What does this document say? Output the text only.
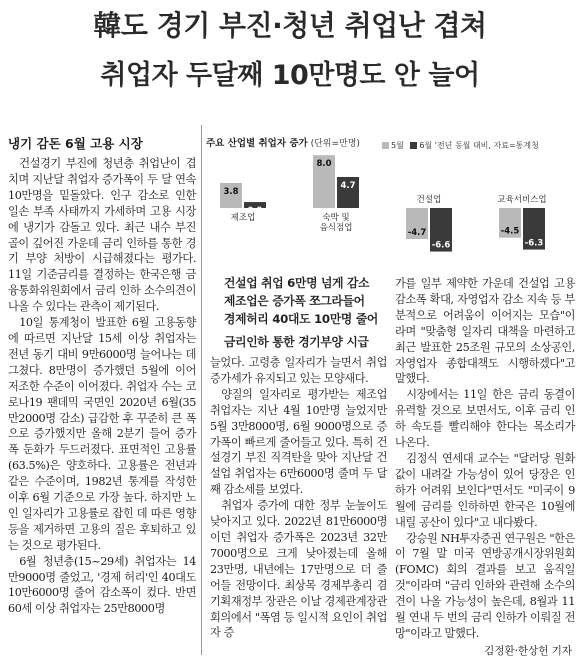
韓도 경기 부진·청년 취업난 겹쳐
취업자 두달째 10만명도 안 늘어
냉기 감돈 6월 고용 시장

건설경기 부진에 청년층 취업난이 겹치며 지난달 취업자 증가폭이 두 달 연속 10만명을 밑돌았다. 인구 감소로 인한 일손 부족 사태까지 가세하며 고용 시장에 냉기가 감돌고 있다. 최근 내수 부진 골이 깊어진 가운데 금리 인하를 통한 경기 부양 처방이 시급해졌다는 평가다. 11일 기준금리를 결정하는 한국은행 금융통화위원회에서 금리 인하 소수의견이 나올 수 있다는 관측이 제기된다.

10일 통계청이 발표한 6월 고용동향에 따르면 지난달 15세 이상 취업자는 전년 동기 대비 9만6000명 늘어나는 데 그쳤다. 8만명이 증가했던 5월에 이어 저조한 수준이 이어졌다. 취업자 수는 코로나19 팬데믹 국면인 2020년 6월(35만2000명 감소) 급감한 후 꾸준히 큰 폭으로 증가했지만 올해 2분기 들어 증가폭 둔화가 두드러졌다. 표면적인 고용률(63.5%)은 양호하다. 고용률은 전년과 같은 수준이며, 1982년 통계를 작성한 이후 6월 기준으로 가장 높다. 하지만 노인 일자리가 고용률로 잡힌 데 따른 영향등을 제거하면 고용의 질은 후퇴하고 있는 것으로 평가된다.

6월 청년층(15~29세) 취업자는 14만9000명 줄었고, '경제 허리'인 40대도 10만6000명 줄어 감소폭이 컸다. 반면 60세 이상 취업자는 25만8000명

주요 산업별 취업자 증가 (단위=만명)	5월 6월 '전년 동월 대비, 자료=통계청
3.8
0.9
제조업
8.0
4.7
숙박 및
음식점업
-4.7
-6.6
건설업
-4.5
-6.3
교육서비스업
건설업 취업 6만명 넘게 감소
제조업은 증가폭 쪼그라들어
경제허리 40대도 10만명 줄어
금리인하 통한 경기부양 시급

늘었다. 고령층 일자리가 늘면서 취업 증가세가 유지되고 있는 모양새다.

양질의 일자리로 평가받는 제조업 취업자는 지난 4월 10만명 늘었지만 5월 3만8000명, 6월 9000명으로 증가폭이 빠르게 줄어들고 있다. 특히 건설경기 부진 직격탄을 맞아 지난달 건설업 취업자는 6만6000명 줄며 두 달째 감소세를 보였다.

취업자 증가에 대한 정부 눈높이도 낮아지고 있다. 2022년 81만6000명이던 취업자 증가폭은 2023년 32만7000명으로 크게 낮아졌는데 올해 23만명, 내년에는 17만명으로 더 줄어들 전망이다. 최상목 경제부총리 겸 기획재정부 장관은 이날 경제관계장관회의에서 "폭염 등 일시적 요인이 취업자 증

가를 일부 제약한 가운데 건설업 고용 감소폭 확대, 자영업자 감소 지속 등 부분적으로 어려움이 이어지는 모습"이라며 "맞춤형 일자리 대책을 마련하고 최근 발표한 25조원 규모의 소상공인, 자영업자 종합대책도 시행하겠다"고 말했다.

시장에서는 11일 한은 금리 동결이 유력할 것으로 보면서도, 이후 금리 인하 속도를 빨리해야 한다는 목소리가 나온다.

김정식 연세대 교수는 "달러당 원화 값이 내려갈 가능성이 있어 당장은 인하가 어려워 보인다"면서도 "미국이 9월에 금리를 인하하면 한국은 10월에 내릴 공산이 있다"고 내다봤다.

강승원 NH투자증권 연구원은 "한은이 7월 말 미국 연방공개시장위원회(FOMC) 회의 결과를 보고 움직일 것"이라며 "금리 인하와 관련해 소수의견이 나올 가능성이 높은데, 8월과 11월 연내 두 번의 금리 인하가 이뤄질 전망"이라고 말했다.

김정환·한상헌 기자
